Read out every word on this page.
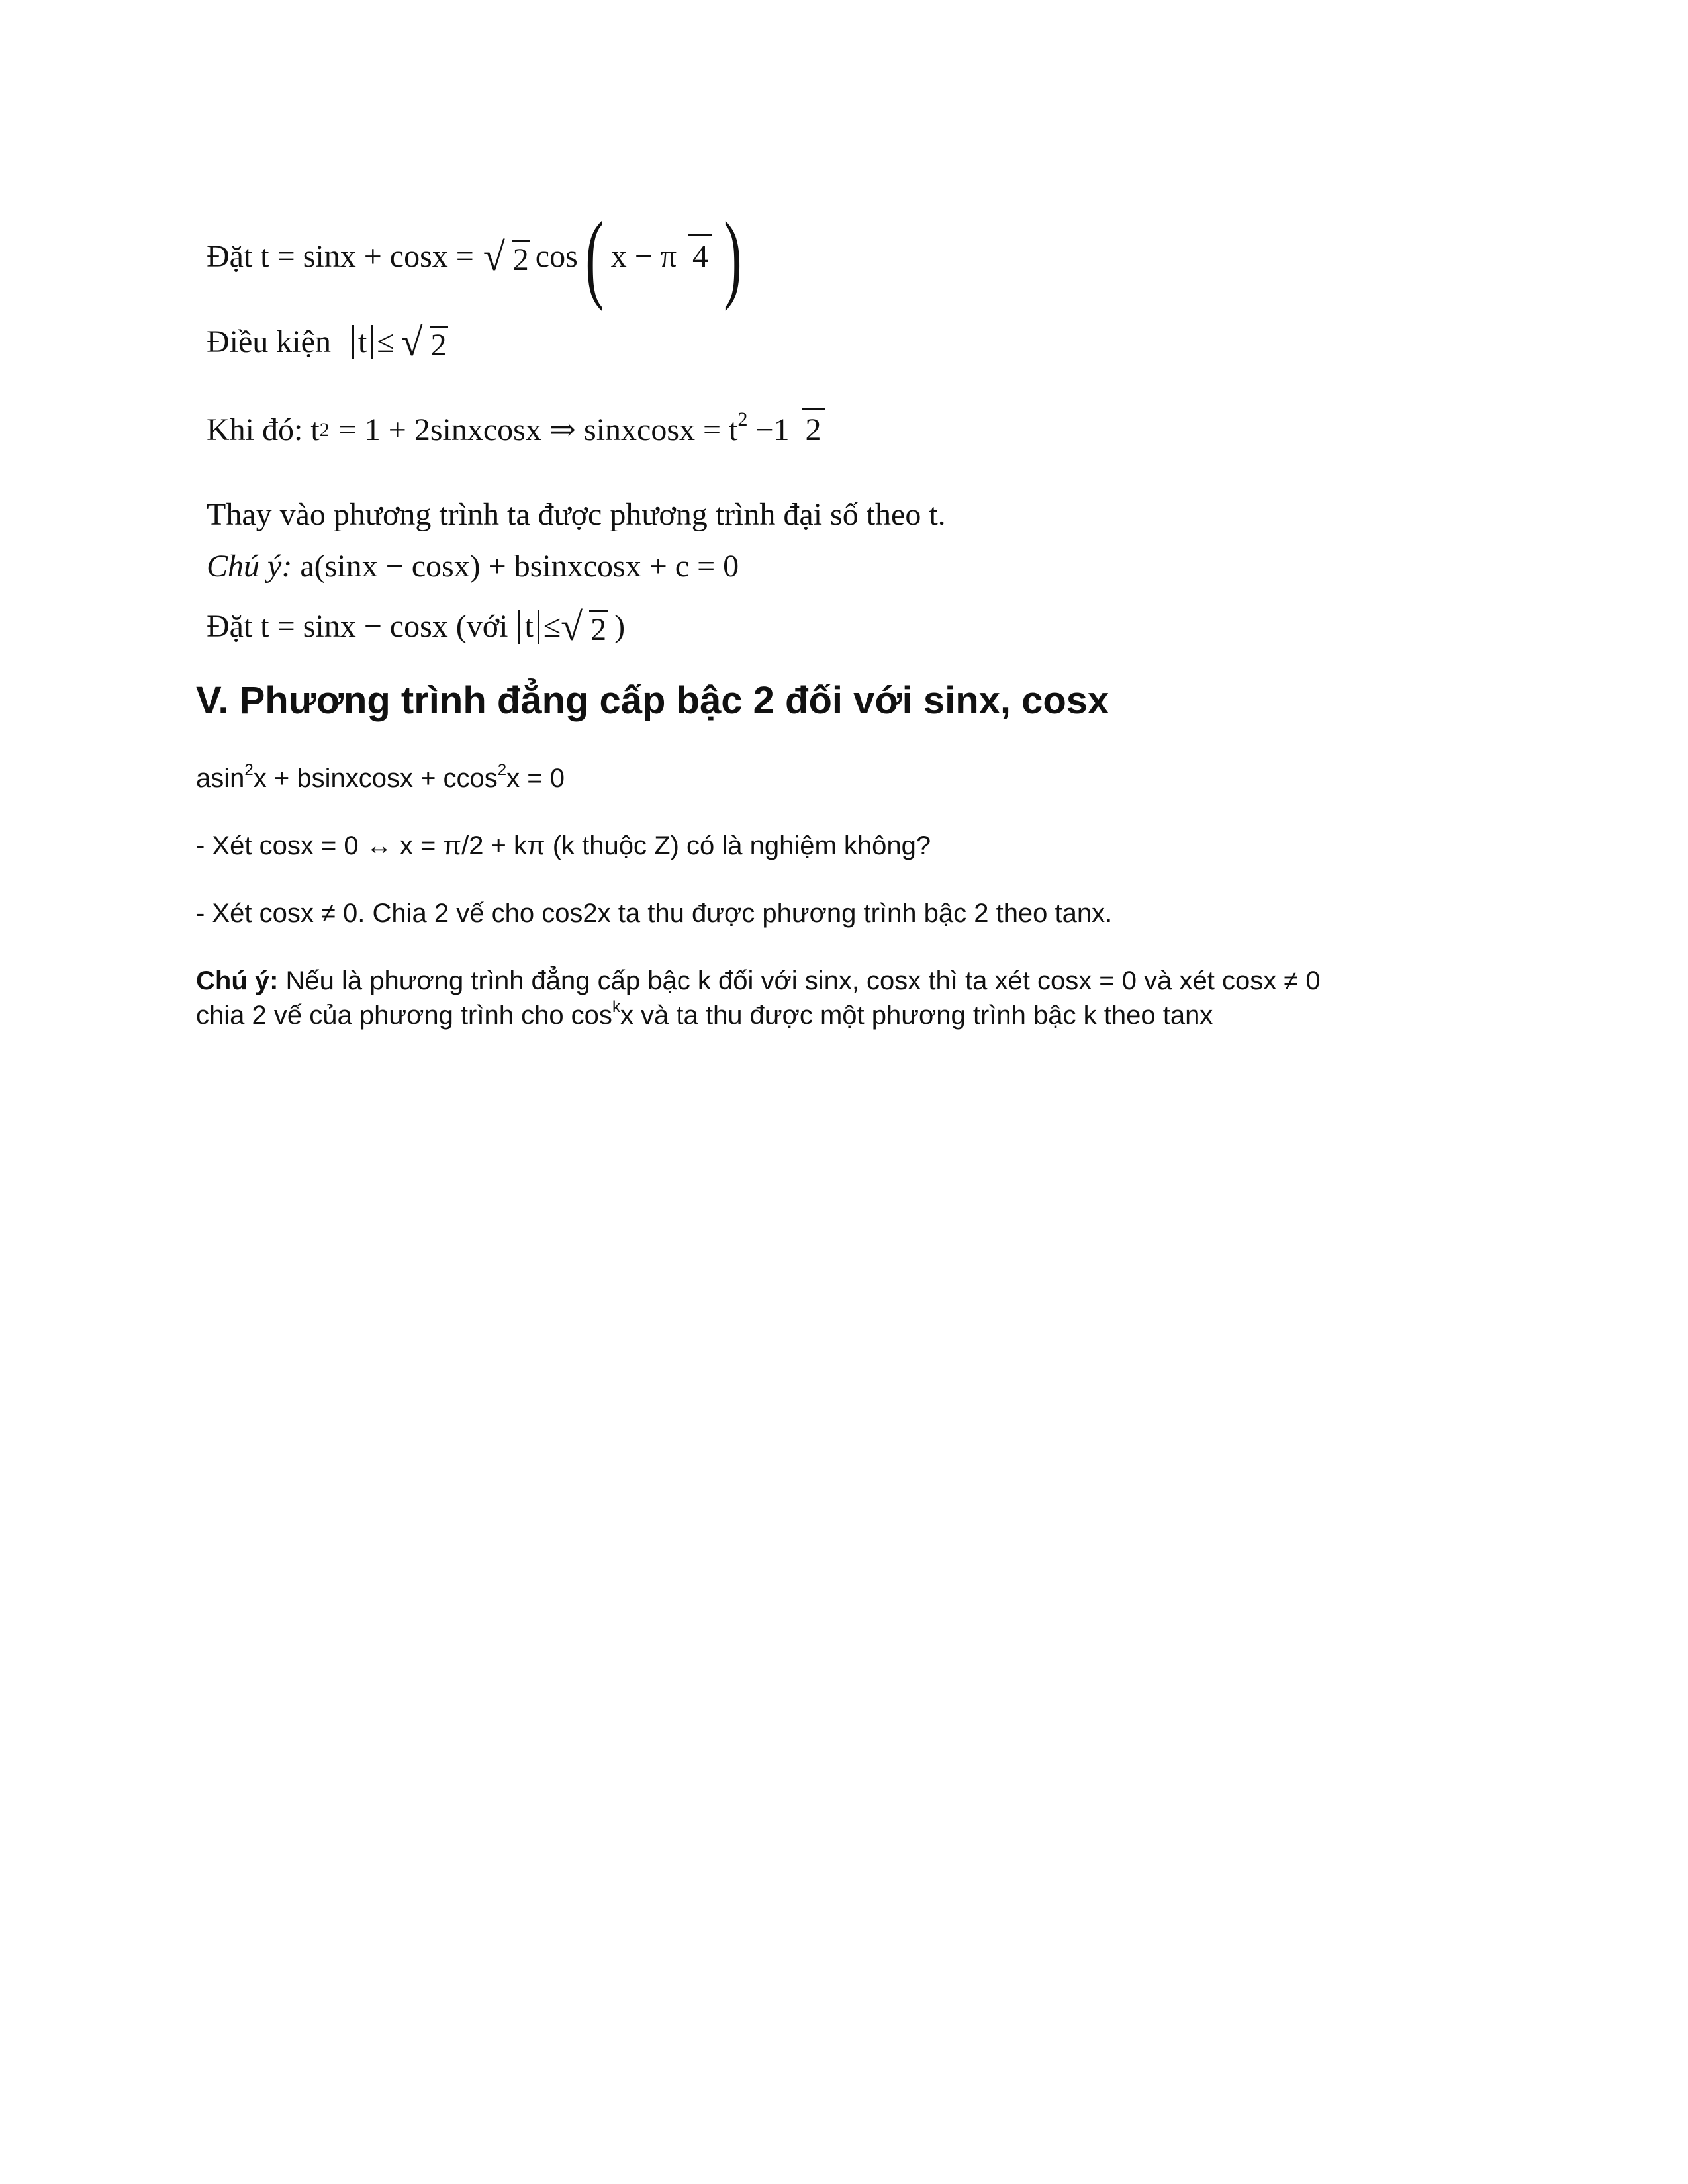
Đặt t = sinx + cosx = √ 2 cos ( x − π 4 )
Điều kiện t ≤ √ 2
Khi đó: t 2 = 1 + 2sinxcosx ⇒ sinxcosx = $t^2 -1$ 2
Thay vào phương trình ta được phương trình đại số theo t.
Chú ý: a(sinx − cosx) + bsinxcosx + c = 0
Đặt t = sinx − cosx (với t ≤ √ 2 )
V. Phương trình đẳng cấp bậc 2 đối với sinx, cosx
asin$^2$x + bsinxcosx + ccos$^2$x = 0
- Xét cosx = 0 ↔ x = π/2 + kπ (k thuộc Z) có là nghiệm không?
- Xét cosx ≠ 0. Chia 2 vế cho cos2x ta thu được phương trình bậc 2 theo tanx.
Chú ý: Nếu là phương trình đẳng cấp bậc k đối với sinx, cosx thì ta xét cosx = 0 và xét cosx ≠ 0
chia 2 vế của phương trình cho $\cos^kx$ và ta thu được một phương trình bậc k theo tanx
